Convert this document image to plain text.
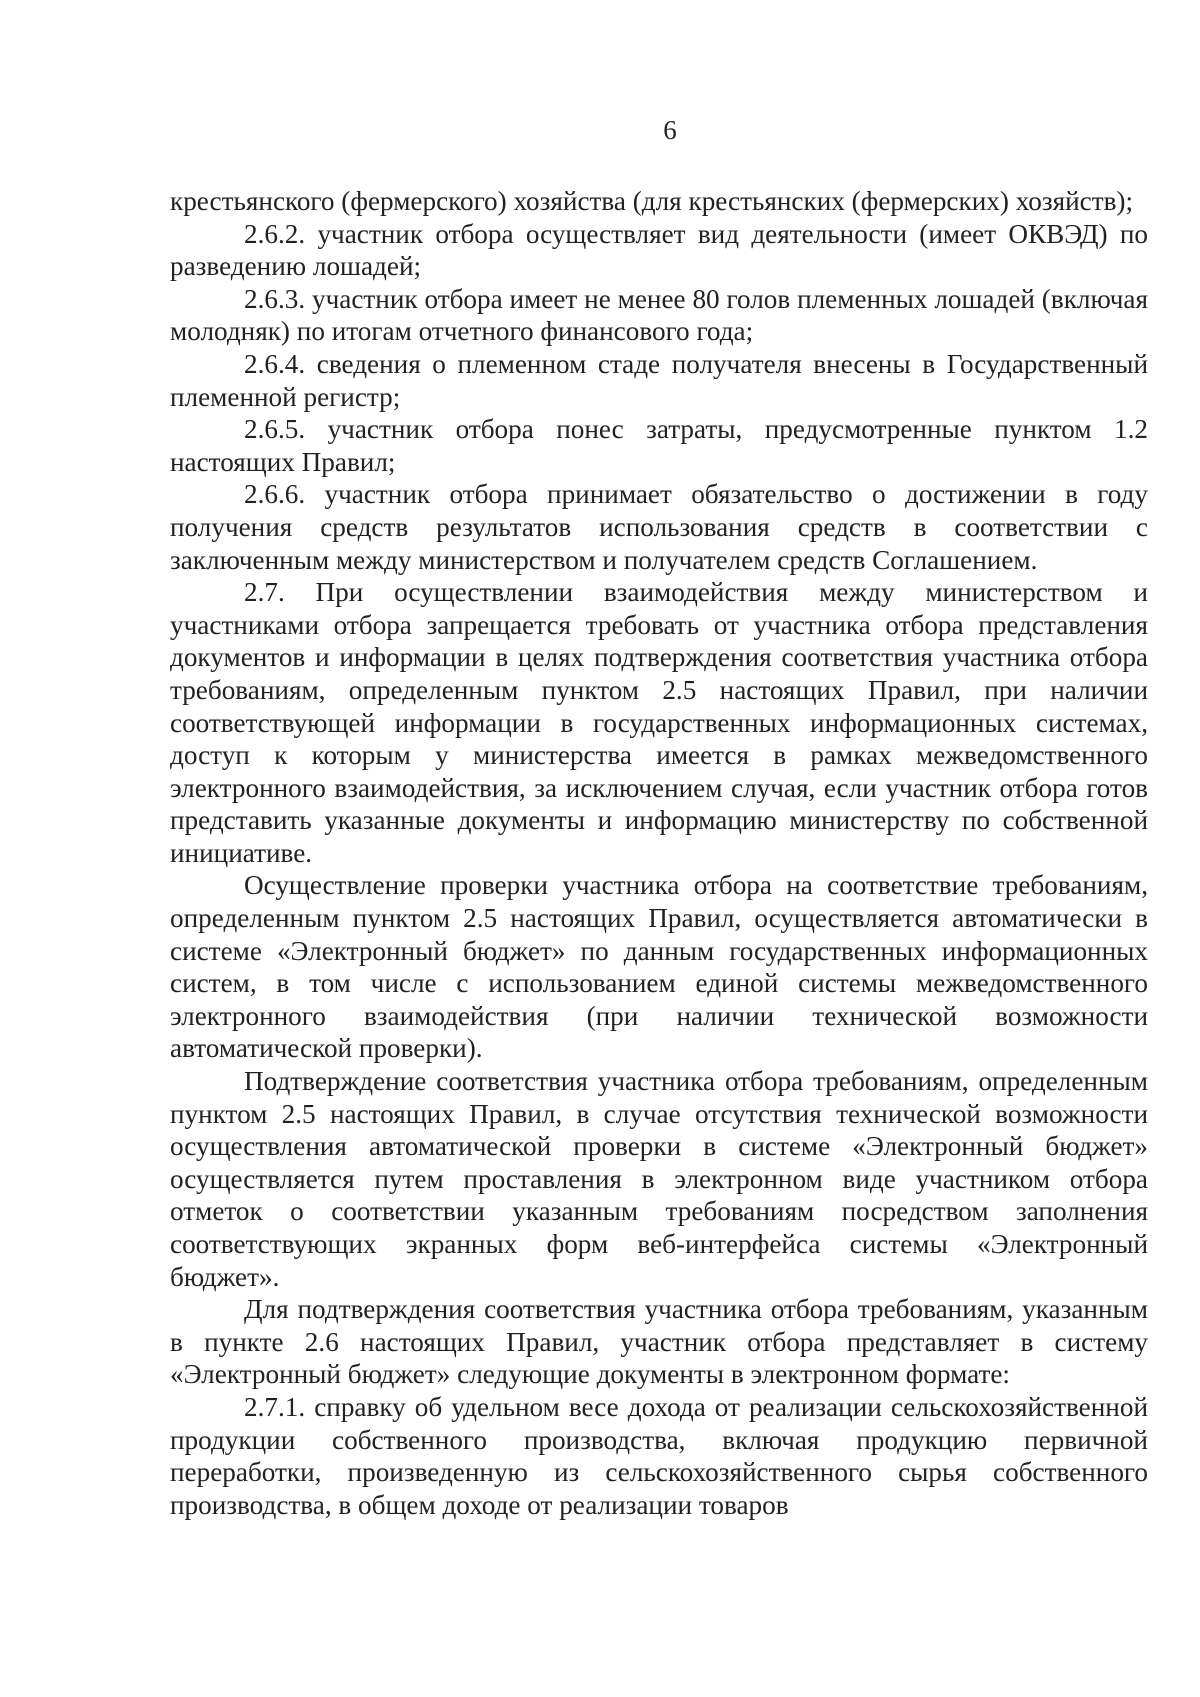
6

крестьянского (фермерского) хозяйства (для крестьянских (фермерских) хозяйств);

2.6.2. участник отбора осуществляет вид деятельности (имеет ОКВЭД) по разведению лошадей;

2.6.3. участник отбора имеет не менее 80 голов племенных лошадей (включая молодняк) по итогам отчетного финансового года;

2.6.4. сведения о племенном стаде получателя внесены в Государственный племенной регистр;

2.6.5. участник отбора понес затраты, предусмотренные пунктом 1.2 настоящих Правил;

2.6.6. участник отбора принимает обязательство о достижении в году получения средств результатов использования средств в соответствии с заключенным между министерством и получателем средств Соглашением.

2.7. При осуществлении взаимодействия между министерством и участниками отбора запрещается требовать от участника отбора представления документов и информации в целях подтверждения соответствия участника отбора требованиям, определенным пунктом 2.5 настоящих Правил, при наличии соответствующей информации в государственных информационных системах, доступ к которым у министерства имеется в рамках межведомственного электронного взаимодействия, за исключением случая, если участник отбора готов представить указанные документы и информацию министерству по собственной инициативе.

Осуществление проверки участника отбора на соответствие требованиям, определенным пунктом 2.5 настоящих Правил, осуществляется автоматически в системе «Электронный бюджет» по данным государственных информационных систем, в том числе с использованием единой системы межведомственного электронного взаимодействия (при наличии технической возможности автоматической проверки).

Подтверждение соответствия участника отбора требованиям, определенным пунктом 2.5 настоящих Правил, в случае отсутствия технической возможности осуществления автоматической проверки в системе «Электронный бюджет» осуществляется путем проставления в электронном виде участником отбора отметок о соответствии указанным требованиям посредством заполнения соответствующих экранных форм веб-интерфейса системы «Электронный бюджет».

Для подтверждения соответствия участника отбора требованиям, указанным в пункте 2.6 настоящих Правил, участник отбора представляет в систему «Электронный бюджет» следующие документы в электронном формате:

2.7.1. справку об удельном весе дохода от реализации сельскохозяйственной продукции собственного производства, включая продукцию первичной переработки, произведенную из сельскохозяйственного сырья собственного производства, в общем доходе от реализации товаров
